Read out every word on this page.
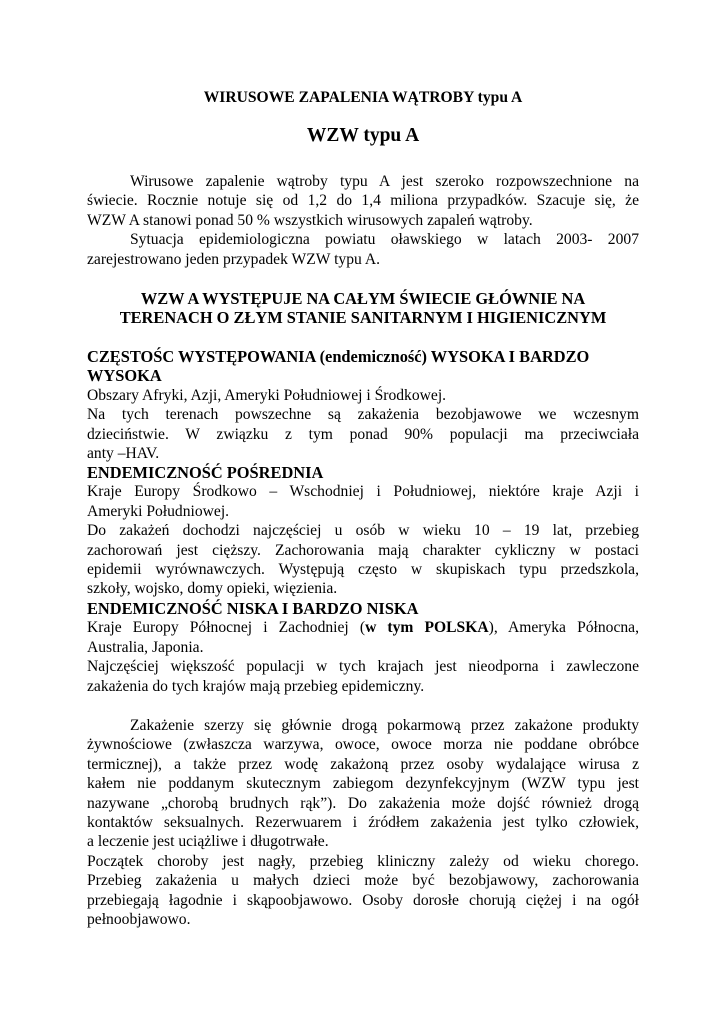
WIRUSOWE ZAPALENIA WĄTROBY typu A
WZW typu A
Wirusowe zapalenie wątroby typu A jest szeroko rozpowszechnione na
świecie. Rocznie notuje się od 1,2 do 1,4 miliona przypadków. Szacuje się, że
WZW A stanowi ponad 50 % wszystkich wirusowych zapaleń wątroby.
Sytuacja epidemiologiczna powiatu oławskiego w latach 2003- 2007
zarejestrowano jeden przypadek WZW typu A.
WZW A WYSTĘPUJE NA CAŁYM ŚWIECIE GŁÓWNIE NA
TERENACH O ZŁYM STANIE SANITARNYM I HIGIENICZNYM
CZĘSTOŚC WYSTĘPOWANIA (endemiczność) WYSOKA I BARDZO
WYSOKA
Obszary Afryki, Azji, Ameryki Południowej i Środkowej.
Na tych terenach powszechne są zakażenia bezobjawowe we wczesnym
dzieciństwie. W związku z tym ponad 90% populacji ma przeciwciała
anty –HAV.
ENDEMICZNOŚĆ POŚREDNIA
Kraje Europy Środkowo – Wschodniej i Południowej, niektóre kraje Azji i
Ameryki Południowej.
Do zakażeń dochodzi najczęściej u osób w wieku 10 – 19 lat, przebieg
zachorowań jest cięższy. Zachorowania mają charakter cykliczny w postaci
epidemii wyrównawczych. Występują często w skupiskach typu przedszkola,
szkoły, wojsko, domy opieki, więzienia.
ENDEMICZNOŚĆ NISKA I BARDZO NISKA
Kraje Europy Północnej i Zachodniej (w tym POLSKA), Ameryka Północna,
Australia, Japonia.
Najczęściej większość populacji w tych krajach jest nieodporna i zawleczone
zakażenia do tych krajów mają przebieg epidemiczny.
Zakażenie szerzy się głównie drogą pokarmową przez zakażone produkty
żywnościowe (zwłaszcza warzywa, owoce, owoce morza nie poddane obróbce
termicznej), a także przez wodę zakażoną przez osoby wydalające wirusa z
kałem nie poddanym skutecznym zabiegom dezynfekcyjnym (WZW typu jest
nazywane „chorobą brudnych rąk”). Do zakażenia może dojść również drogą
kontaktów seksualnych. Rezerwuarem i źródłem zakażenia jest tylko człowiek,
a leczenie jest uciążliwe i długotrwałe.
Początek choroby jest nagły, przebieg kliniczny zależy od wieku chorego.
Przebieg zakażenia u małych dzieci może być bezobjawowy, zachorowania
przebiegają łagodnie i skąpoobjawowo. Osoby dorosłe chorują ciężej i na ogół
pełnoobjawowo.
